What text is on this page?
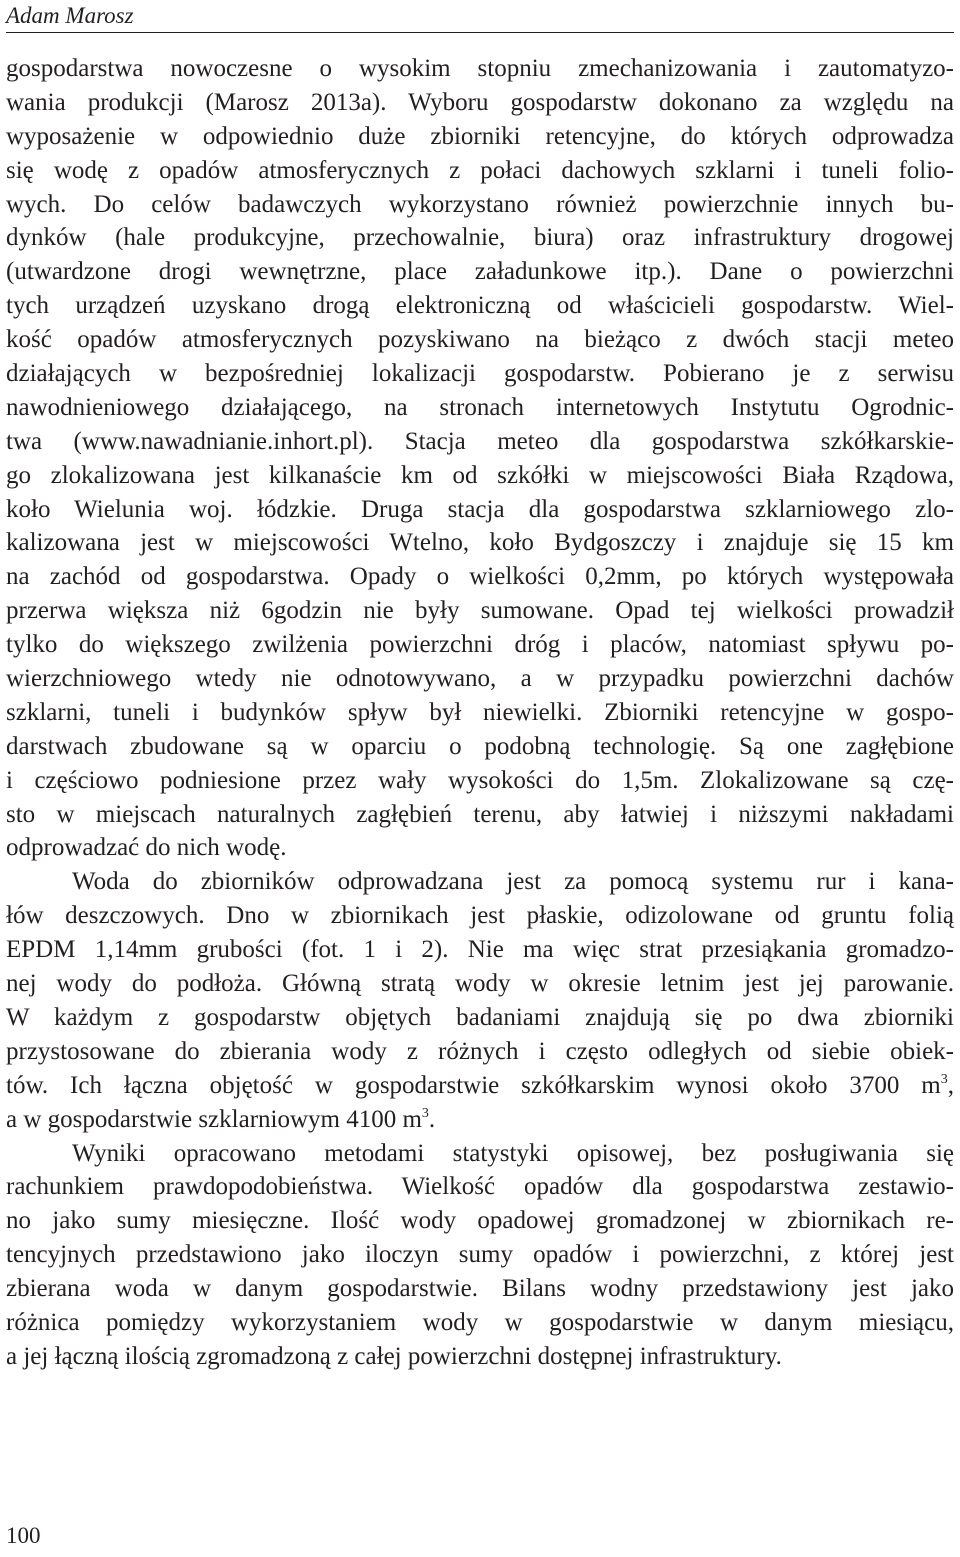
Adam Marosz
gospodarstwa nowoczesne o wysokim stopniu zmechanizowania i zautomatyzo-
wania produkcji (Marosz 2013a). Wyboru gospodarstw dokonano za względu na
wyposażenie w odpowiednio duże zbiorniki retencyjne, do których odprowadza
się wodę z opadów atmosferycznych z połaci dachowych szklarni i tuneli folio-
wych. Do celów badawczych wykorzystano również powierzchnie innych bu-
dynków (hale produkcyjne, przechowalnie, biura) oraz infrastruktury drogowej
(utwardzone drogi wewnętrzne, place załadunkowe itp.). Dane o powierzchni
tych urządzeń uzyskano drogą elektroniczną od właścicieli gospodarstw. Wiel-
kość opadów atmosferycznych pozyskiwano na bieżąco z dwóch stacji meteo
działających w bezpośredniej lokalizacji gospodarstw. Pobierano je z serwisu
nawodnieniowego działającego, na stronach internetowych Instytutu Ogrodnic-
twa (www.nawadnianie.inhort.pl). Stacja meteo dla gospodarstwa szkółkarskie-
go zlokalizowana jest kilkanaście km od szkółki w miejscowości Biała Rządowa,
koło Wielunia woj. łódzkie. Druga stacja dla gospodarstwa szklarniowego zlo-
kalizowana jest w miejscowości Wtelno, koło Bydgoszczy i znajduje się 15 km
na zachód od gospodarstwa. Opady o wielkości 0,2mm, po których występowała
przerwa większa niż 6godzin nie były sumowane. Opad tej wielkości prowadził
tylko do większego zwilżenia powierzchni dróg i placów, natomiast spływu po-
wierzchniowego wtedy nie odnotowywano, a w przypadku powierzchni dachów
szklarni, tuneli i budynków spływ był niewielki. Zbiorniki retencyjne w gospo-
darstwach zbudowane są w oparciu o podobną technologię. Są one zagłębione
i częściowo podniesione przez wały wysokości do 1,5m. Zlokalizowane są czę-
sto w miejscach naturalnych zagłębień terenu, aby łatwiej i niższymi nakładami
odprowadzać do nich wodę.
Woda do zbiorników odprowadzana jest za pomocą systemu rur i kana-
łów deszczowych. Dno w zbiornikach jest płaskie, odizolowane od gruntu folią
EPDM 1,14mm grubości (fot. 1 i 2). Nie ma więc strat przesiąkania gromadzo-
nej wody do podłoża. Główną stratą wody w okresie letnim jest jej parowanie.
W każdym z gospodarstw objętych badaniami znajdują się po dwa zbiorniki
przystosowane do zbierania wody z różnych i często odległych od siebie obiek-
tów. Ich łączna objętość w gospodarstwie szkółkarskim wynosi około 3700 $m^3$,
a w gospodarstwie szklarniowym 4100 $m^3$.
Wyniki opracowano metodami statystyki opisowej, bez posługiwania się
rachunkiem prawdopodobieństwa. Wielkość opadów dla gospodarstwa zestawio-
no jako sumy miesięczne. Ilość wody opadowej gromadzonej w zbiornikach re-
tencyjnych przedstawiono jako iloczyn sumy opadów i powierzchni, z której jest
zbierana woda w danym gospodarstwie. Bilans wodny przedstawiony jest jako
różnica pomiędzy wykorzystaniem wody w gospodarstwie w danym miesiącu,
a jej łączną ilością zgromadzoną z całej powierzchni dostępnej infrastruktury.
100
